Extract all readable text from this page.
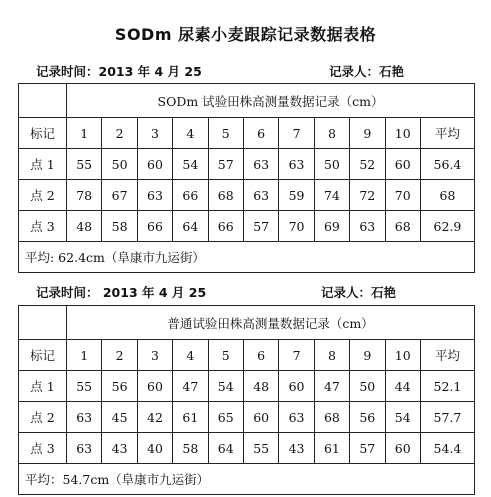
SODm 尿素小麦跟踪记录数据表格
记录时间：2013 年 4 月 25	记录人：石艳
	SODm 试验田株高测量数据记录（cm）										
标记	1	2	3	4	5	6	7	8	9	10	平均
点 1	55	50	60	54	57	63	63	50	52	60	56.4
点 2	78	67	63	66	68	63	59	74	72	70	68
点 3	48	58	66	64	66	57	70	69	63	68	62.9
平均: 62.4cm（阜康市九运街）											
记录时间： 2013 年 4 月 25	记录人：石艳
	普通试验田株高测量数据记录（cm）										
标记	1	2	3	4	5	6	7	8	9	10	平均
点 1	55	56	60	47	54	48	60	47	50	44	52.1
点 2	63	45	42	61	65	60	63	68	56	54	57.7
点 3	63	43	40	58	64	55	43	61	57	60	54.4
平均：54.7cm（阜康市九运街）											
